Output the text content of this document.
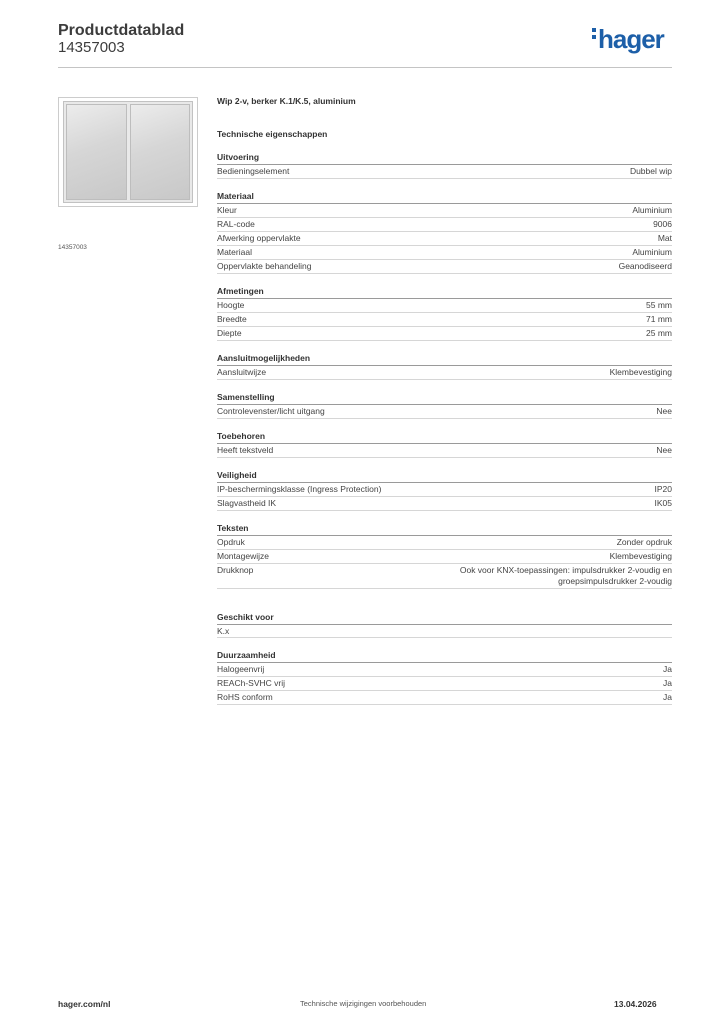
Productdatablad
14357003	hager
14357003
Wip 2-v, berker K.1/K.5, aluminium
Technische eigenschappen
Uitvoering
Bedieningselement	Dubbel wip
Materiaal
Kleur	Aluminium
RAL-code	9006
Afwerking oppervlakte	Mat
Materiaal	Aluminium
Oppervlakte behandeling	Geanodiseerd
Afmetingen
Hoogte	55 mm
Breedte	71 mm
Diepte	25 mm
Aansluitmogelijkheden
Aansluitwijze	Klembevestiging
Samenstelling
Controlevenster/licht uitgang	Nee
Toebehoren
Heeft tekstveld	Nee
Veiligheid
IP-beschermingsklasse (Ingress Protection)	IP20
Slagvastheid IK	IK05
Teksten
Opdruk	Zonder opdruk
Montagewijze	Klembevestiging
Drukknop	Ook voor KNX-toepassingen: impulsdrukker 2-voudig en groepsimpulsdrukker 2-voudig
Geschikt voor
K.x
Duurzaamheid
Halogeenvrij	Ja
REACh-SVHC vrij	Ja
RoHS conform	Ja
hager.com/nl	Technische wijzigingen voorbehouden	13.04.2026
